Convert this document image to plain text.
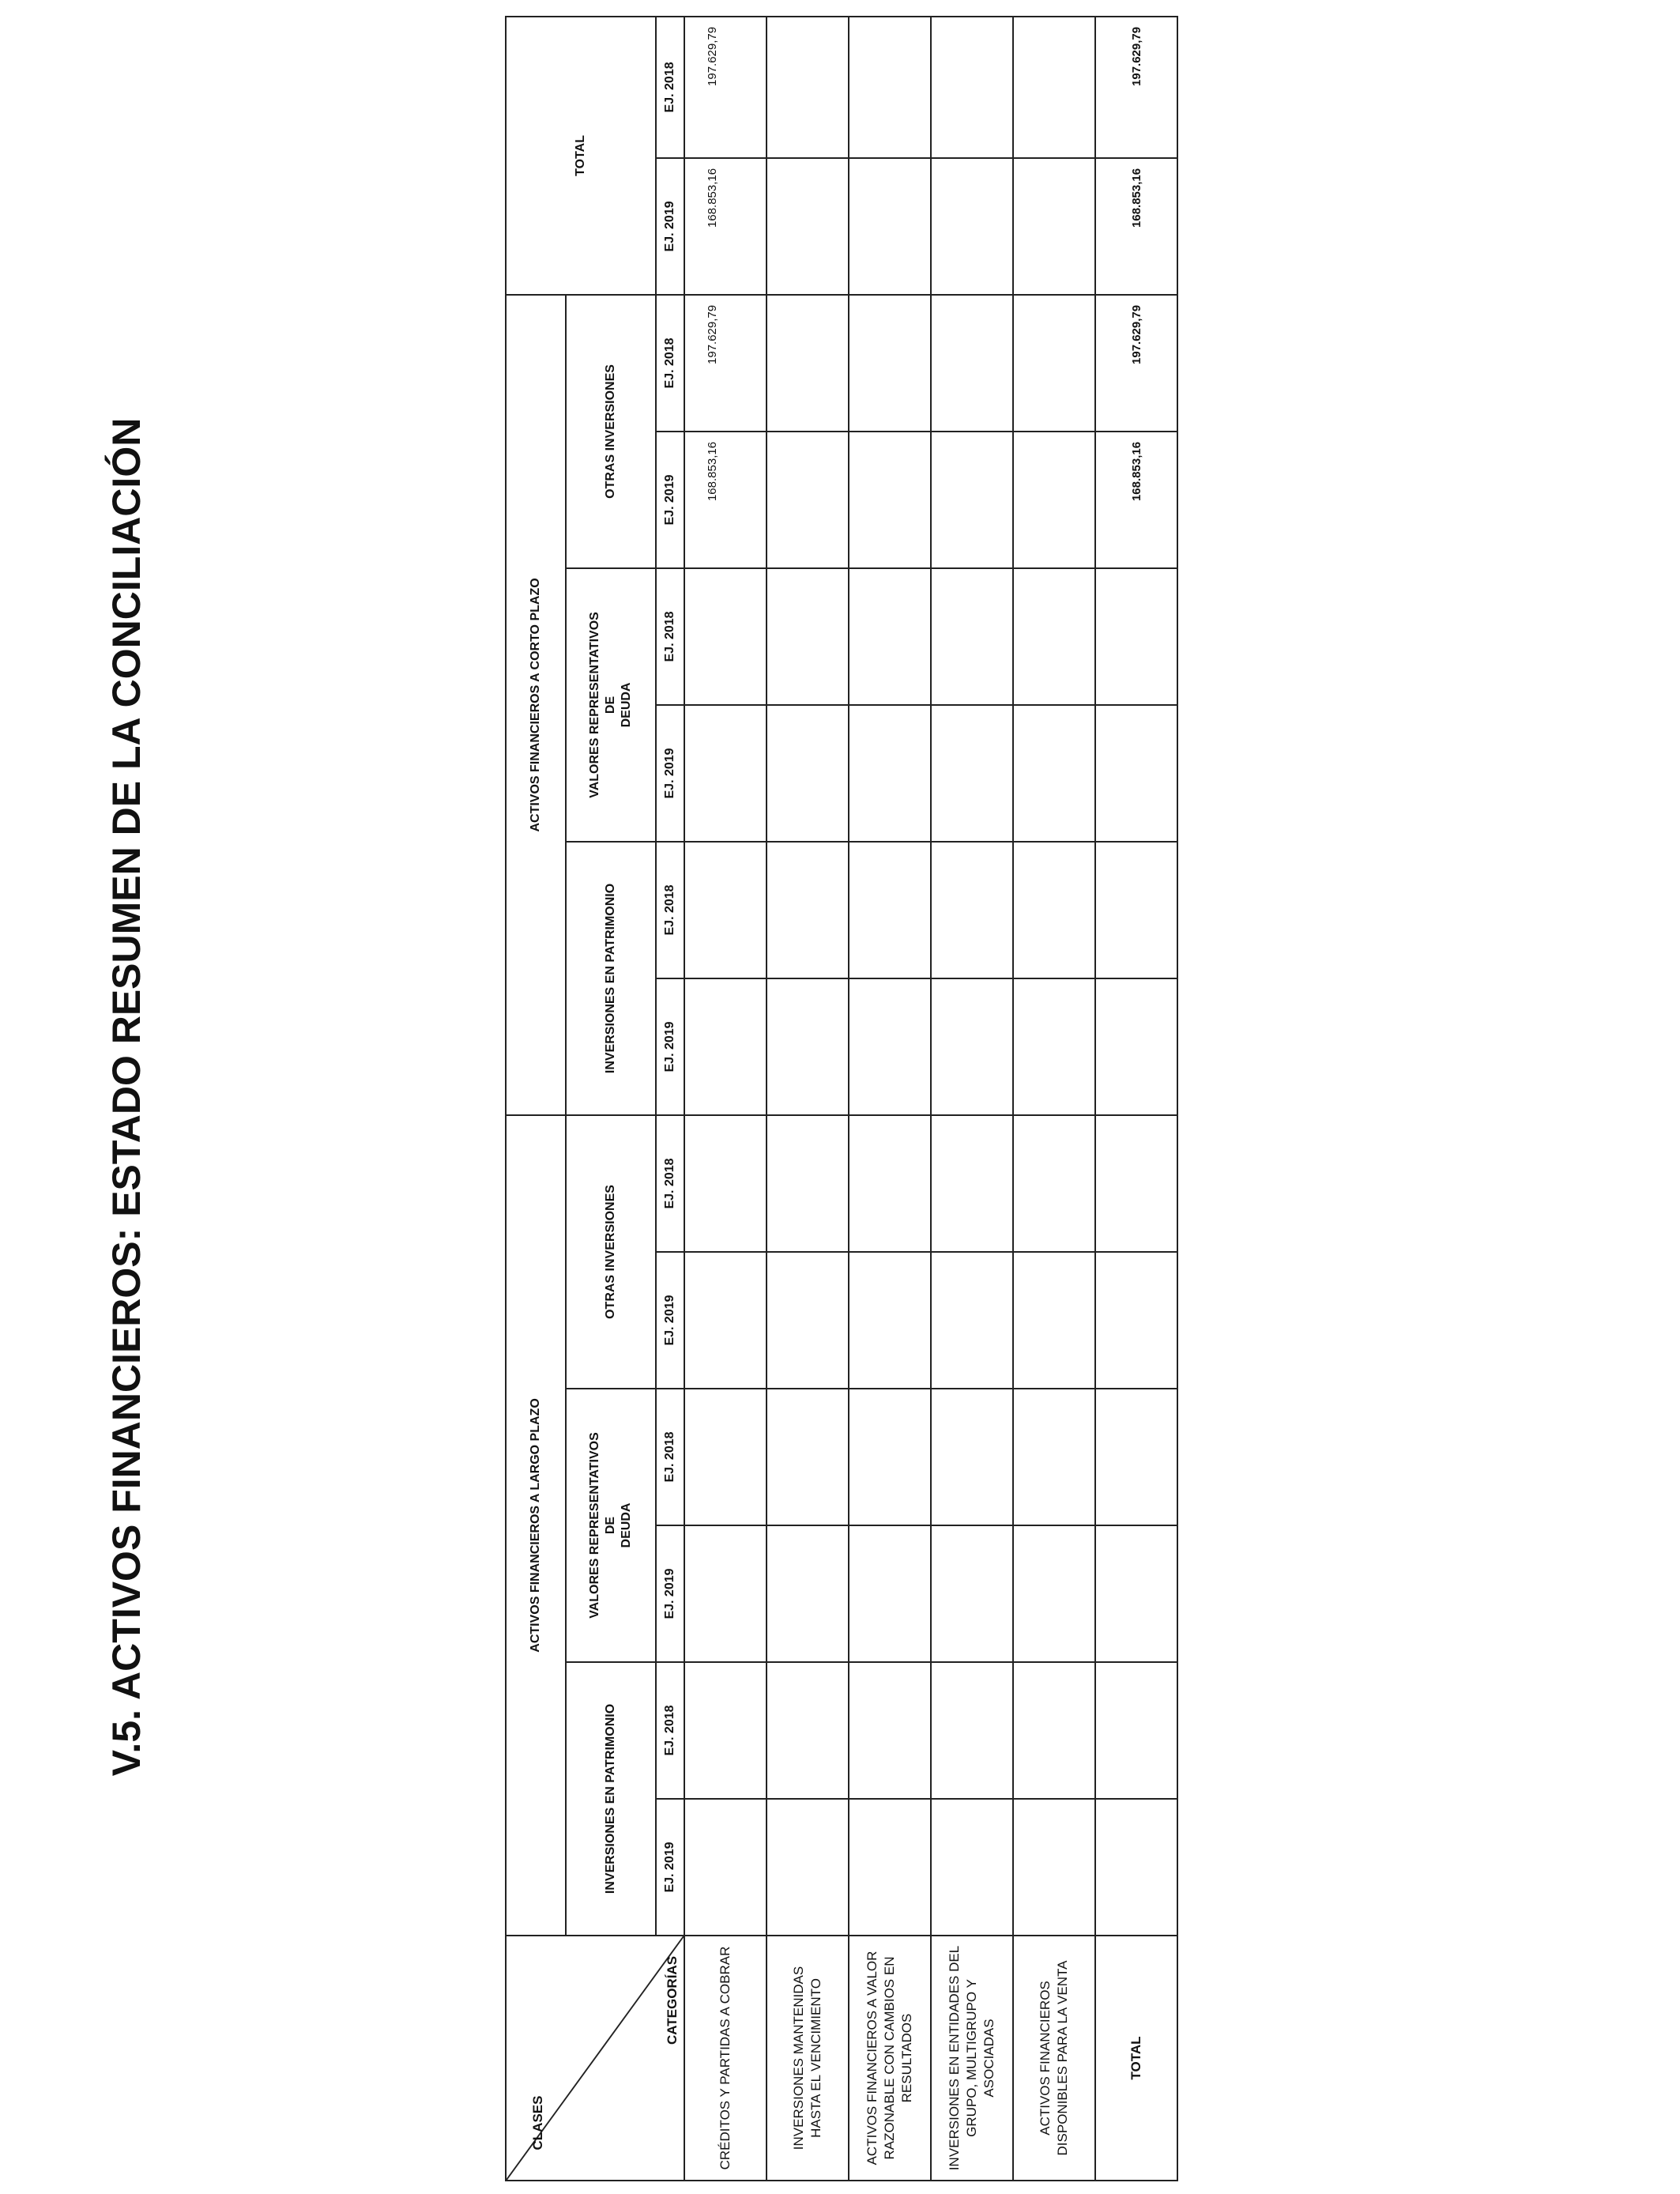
V.5. ACTIVOS FINANCIEROS: ESTADO RESUMEN DE LA CONCILIACIÓN
CLASES
CATEGORÍAS	ACTIVOS FINANCIEROS A LARGO PLAZO						ACTIVOS FINANCIEROS A CORTO PLAZO						TOTAL	
	INVERSIONES EN PATRIMONIO		VALORES REPRESENTATIVOS
DE
DEUDA		OTRAS INVERSIONES		INVERSIONES EN PATRIMONIO		VALORES REPRESENTATIVOS
DE
DEUDA		OTRAS INVERSIONES			
	EJ. 2019	EJ. 2018	EJ. 2019	EJ. 2018	EJ. 2019	EJ. 2018	EJ. 2019	EJ. 2018	EJ. 2019	EJ. 2018	EJ. 2019	EJ. 2018	EJ. 2019	EJ. 2018
CRÉDITOS Y PARTIDAS A COBRAR											168.853,16	197.629,79	168.853,16	197.629,79
INVERSIONES MANTENIDAS HASTA EL VENCIMIENTO														
ACTIVOS FINANCIEROS A VALOR RAZONABLE CON CAMBIOS EN RESULTADOS														
INVERSIONES EN ENTIDADES DEL GRUPO, MULTIGRUPO Y ASOCIADAS														
ACTIVOS FINANCIEROS DISPONIBLES PARA LA VENTA														
TOTAL											168.853,16	197.629,79	168.853,16	197.629,79
